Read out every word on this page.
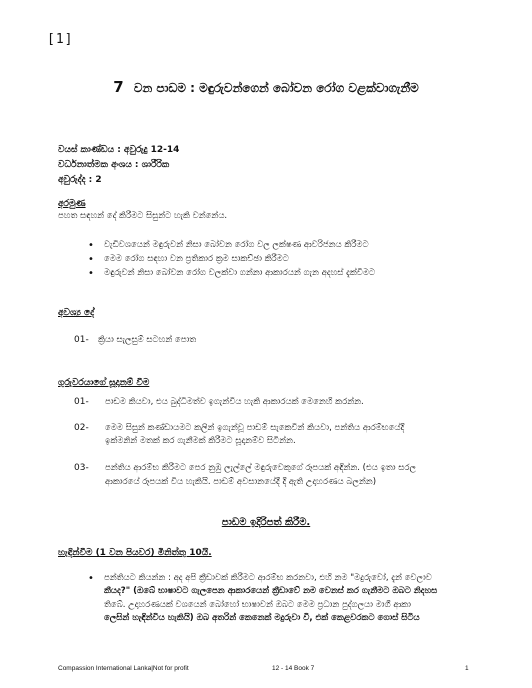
[1]
7 වන පාඩම : මඳුරුවන්ගෙන් බෝවන රෝග වළක්වාගැනීම
වයස් කාණ්ඩය : අවුරුදු 12-14
වර්ධනාත්මක අංශය : ශාරීරික
අවුරුද්ද : 2
අරමුණ
පහත සඳහන් දේ කිරීමට සිසුන්ට හැකි වන්නේය.
• වැඩිවශයෙන් මඳුරුවන් නිසා බෝවන රෝග වල ලක්ෂණ ආවරිජනය කිරීමට
• මෙම රෝග සඳහා වන ප්‍රතිකාර ක්‍රම සාකච්ඡා කිරීමට
• මඳුරුවන් නිසා බෝවන රෝග වලක්වා ගන්නා ආකාරයන් ගැන අදහස් දැක්වීමට
අවශ්‍ය දේ
01- ක්‍රියා සැලසුම් සටහන් පොත
ගුරුවරයාගේ සූදානම් වීම
01- පාඩම කියවා, එය බුද්ධිමත්ව ඉගැන්විය හැකි ආකාරයක් මෙනෙහි කරන්න.
02- මෙම සිසුන් කණ්ඩායමට කලින් ඉගැන්වූ පාඩම් සැකෙවින් කියවා, පන්තිය ආරම්භයේදී
ඉක්මනින් මතක් කර ගැනීමක් කිරීමට සූදානම්ව සිටින්න.
03- පන්තිය ආරම්භ කිරීමට පෙර නුඹු ලැල්ලේ මඳුරුවෙකුගේ රූපයක් අඳින්න. (එය ඉතා සරල
ආකාරයේ රූපයක් විය හැකියි. පාඩම් අවසානයේදී දී ඇති උදාහරණය බලන්න)
පාඩම ඉදිරිපත් කිරීම.
හැඳින්වීම (1 වන පියවර) මිනිත්තු 10යි.
• පන්තියට කියන්න : අද අපි ක්‍රීඩාවක් කිරීමට ආරම්භ කරනවා, එහි නම "මදුරුවෝ, දැන් වෙලාව
කීයද?" (ඔබේ භාෂාවට ගැලපෙන ආකාරයෙන් ක්‍රීඩාවේ නම වෙනස් කර ගැනීමට ඔබට නිදහස
තිබේ. උදාහරණයක් වශයෙන් බෝහෝ භාෂාවන් ඔබට මෙම ප්‍රධාන පුද්ගලයා මාගී ආකා
ලෙසින් හැඳින්විය හැකියි) ඔබ අතරින් කෙනෙක් මදුරුවා වී, එක් කෙළවරකට ගොස් සිටිය
Compassion International Lanka|Not for profit	12 - 14 Book 7	1
